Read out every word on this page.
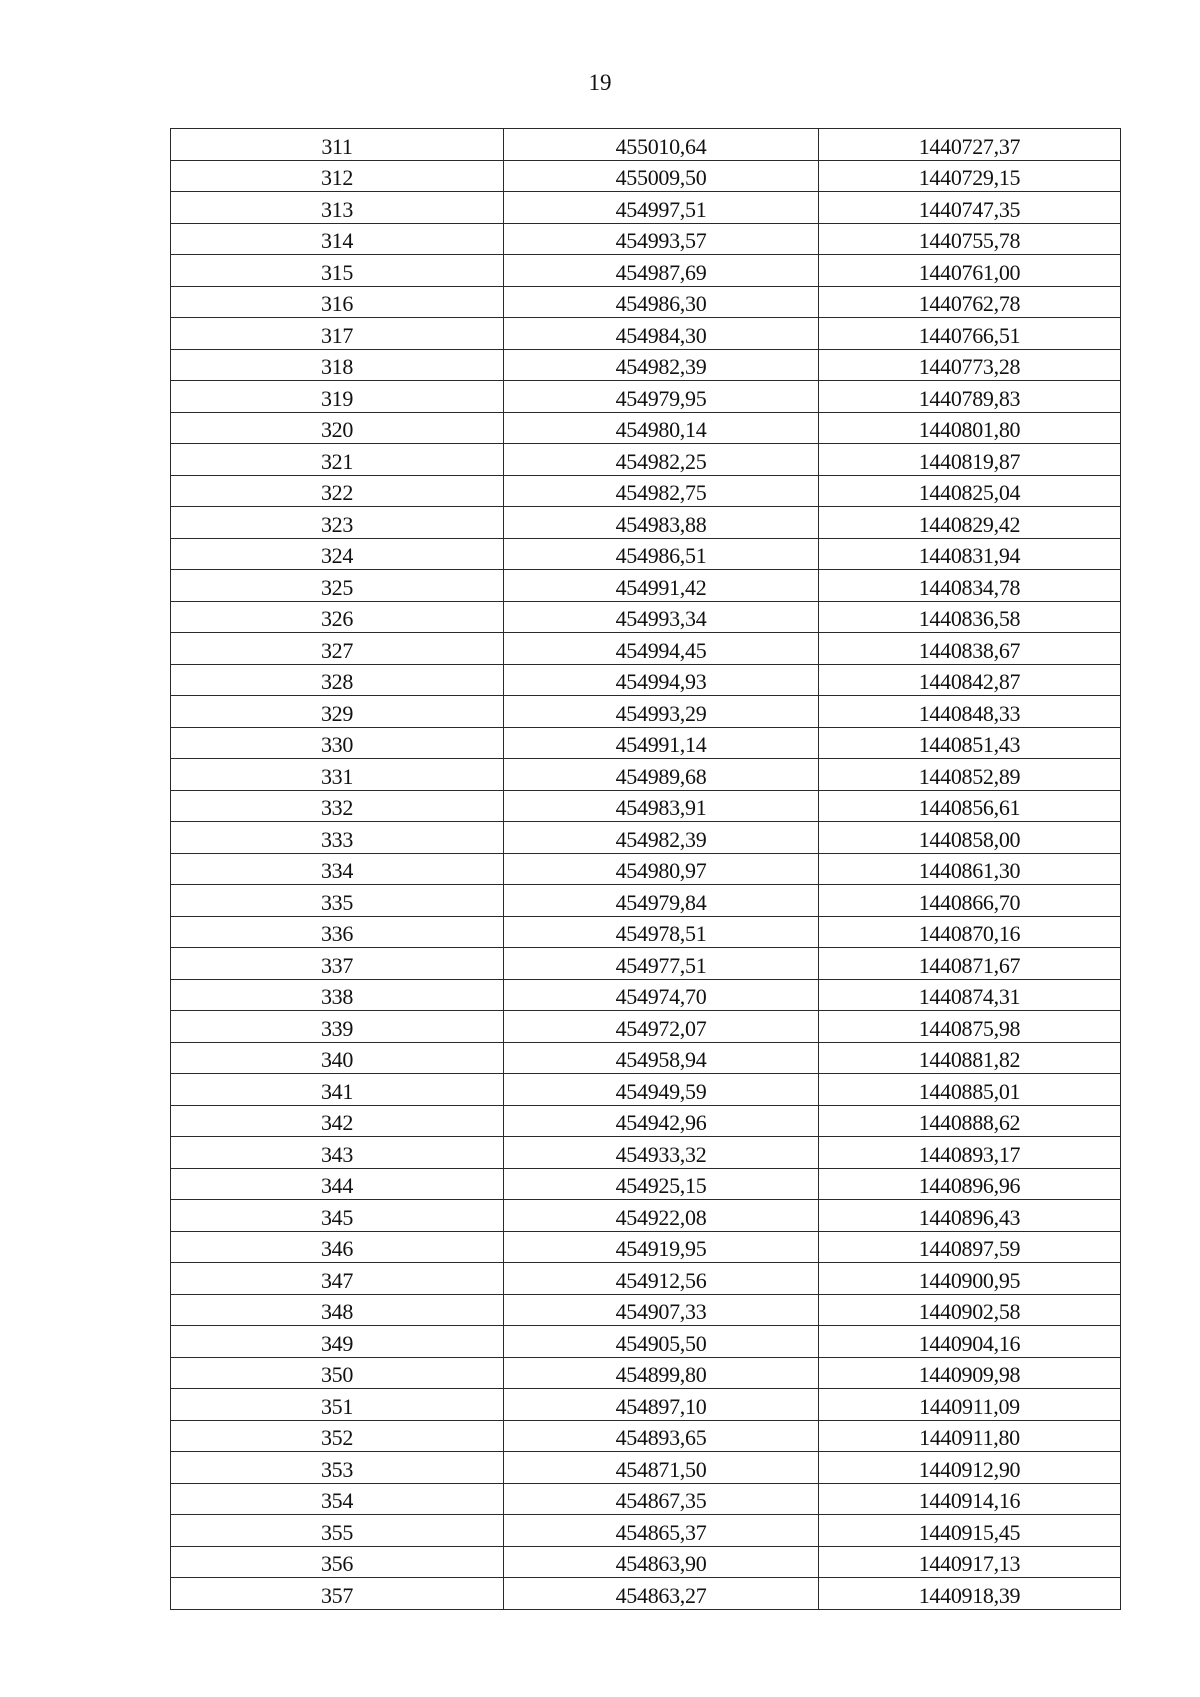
19
311	455010,64	1440727,37
312	455009,50	1440729,15
313	454997,51	1440747,35
314	454993,57	1440755,78
315	454987,69	1440761,00
316	454986,30	1440762,78
317	454984,30	1440766,51
318	454982,39	1440773,28
319	454979,95	1440789,83
320	454980,14	1440801,80
321	454982,25	1440819,87
322	454982,75	1440825,04
323	454983,88	1440829,42
324	454986,51	1440831,94
325	454991,42	1440834,78
326	454993,34	1440836,58
327	454994,45	1440838,67
328	454994,93	1440842,87
329	454993,29	1440848,33
330	454991,14	1440851,43
331	454989,68	1440852,89
332	454983,91	1440856,61
333	454982,39	1440858,00
334	454980,97	1440861,30
335	454979,84	1440866,70
336	454978,51	1440870,16
337	454977,51	1440871,67
338	454974,70	1440874,31
339	454972,07	1440875,98
340	454958,94	1440881,82
341	454949,59	1440885,01
342	454942,96	1440888,62
343	454933,32	1440893,17
344	454925,15	1440896,96
345	454922,08	1440896,43
346	454919,95	1440897,59
347	454912,56	1440900,95
348	454907,33	1440902,58
349	454905,50	1440904,16
350	454899,80	1440909,98
351	454897,10	1440911,09
352	454893,65	1440911,80
353	454871,50	1440912,90
354	454867,35	1440914,16
355	454865,37	1440915,45
356	454863,90	1440917,13
357	454863,27	1440918,39
